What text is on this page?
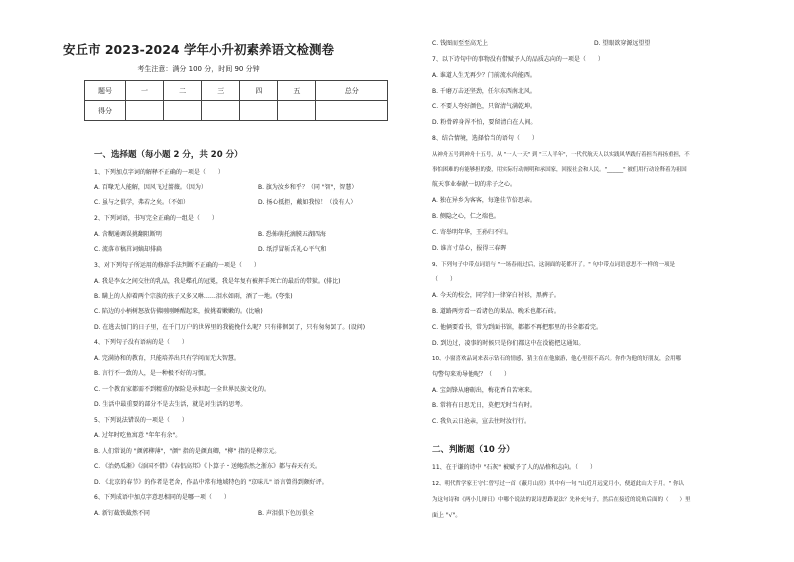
安丘市 2023-2024 学年小升初素养语文检测卷
考生注意：满分 100 分，时间 90 分钟
题号	一	二	三	四	五	总分
得分						
一、选择题（每小题 2 分，共 20 分）
1、下列加点字词的解释不正确的一项是（　　）
A. 百喙无人能解，因风飞过蔷薇。（因为）	B. 旗为汝乡和乎？（同 "智"，智慧）
C. 虽与之俱学，弗若之矣。（不如）	D. 扬心抵拒，戴如我惊！（没有人）
2、下列词语，书写完全正确的一组是（　　）
A. 含糊通调误挑翻阻断明	B. 恐佈萌托滴膜五湖四海
C. 流落市稿莒词嫡却排扁	D. 纸浮冒斩舌礼心平气和
3、对下列句子所运用的修辞手法判断不正确的一项是（　　）
A. 我是李女之间交往的乳品，我是蝶孔的冠冕，我是年复有被挥手死亡的最后的带狱。(排比)
B. 瞒上的人掉着两个宗族的孩子又多又咻……泪水如雨，酒了一地。(夸张)
C. 陷边的小柄树怒放仿佛刚刚睡醒起来，披挑着嫩嫩的。(比喻)
D. 在逃去加门的日子里，在千门万户的世界里的我能挽什么呢？只有徘徊罢了，只有匆匆罢了。(设问)
4、下列句子没有语病的是（　　）
A. 完满协和的教育，只能培养出只有学问而无大智慧。
B. 言行不一致的人，是一种极不好的习惯。
C. 一个教育家都需不到精重的保险是承担起一全世界民族文化的。
D. 生活中最重要的部分不是去生活，就是对生活的思考。
5、下列说法错误的一项是（　　）
A. 过年时吃鱼寓意 "年年有余"。
B. 人们常说的 "颜郭柳薄"，"颜" 指的是颜真卿，"柳" 指的是柳宗元。
C. 《治奶瓜渐》《添国不借》《春侣高邦》《卜算子・送鲍浩然之浙东》都与春天有关。
D. 《北京的春节》的作者是老舍，作品中常有地域特色的 "京味儿" 语言曾得到颇好评。
6、下列成语中加点字意思相同的是哪一项（　　）
A. 新钉截铁截然不同	B. 声泪俱下色厉俱全
C. 钱图而至至高无上	D. 望眼欲穿源远望望
7、以下诗句中的事物没有借赋予人的品质志向的一项是（　　）
A. 谁道人生无再少？门前流水尚能西。
B. 千磨万击还坚劲，任尔东西南北风。
C. 不要人夸好颜色，只留清气满乾坤。
D. 粉骨碎身浑不怕，要留清白在人间。
8、结合情境，选择恰当的语句（　　）
从神舟五号到神舟十五号，从 "一人一天" 到 "三人半年"，一代代航天人以实践风华践行着担当再扬重担，不
事怕困难的有能够担的姿，用实际行动阐明和承国家，回报社会和人民。"______" 被们用行动诠释着为祖国
航天事业奉献一切的赤子之心。
A. 独在异乡为客客，每逢佳节倍思亲。
B. 侧隐之心，仁之端也。
C. 寄举明年华，王孙归不归。
D. 谁言寸草心，报得三春晖
9、下列句子中带点词语与 "一场春雨过后，这洞面的花都开了。" 句中带点词语意思不一样的一项是
（　　）
A. 今天的校会，同学们一律穿白衬衫，黑裤子。
B. 道路两旁看一看诸色的果品、晚禾也都石砖。
C. 他俩要看书，常为到面书馆，都都不再把那里的书全都看完。
D. 到边过，凌事的时候只是你们都这中在没能把这通知。
10、小窗喜欢品词来表示钻石的情感，猜主在在他旅游，他心里很不高兴。你作为他的好朋友，会用哪
句警句来劝导他呢？（　　）
A. 宝剑锋从磨砺出，梅花香自苦寒来。
B. 常将有日思无日，莫把无时当有时。
C. 我负云日沧亲，宣去往时汝行行。
二、判断题（10 分）
11、在于谦的诗中 "石灰" 被赋予了人的品格和志向。（　　）
12、明代哲学家王守仁曾写过一首《蔽月山房》其中有一句 "山近月远觉月小，便道此山大于月。" 你认
为这句诗和《两小儿辩日》中哪个说法的说诗思路说法？先补充句子，然后在接近的说角后面的（　　）里
面上 "√"。
